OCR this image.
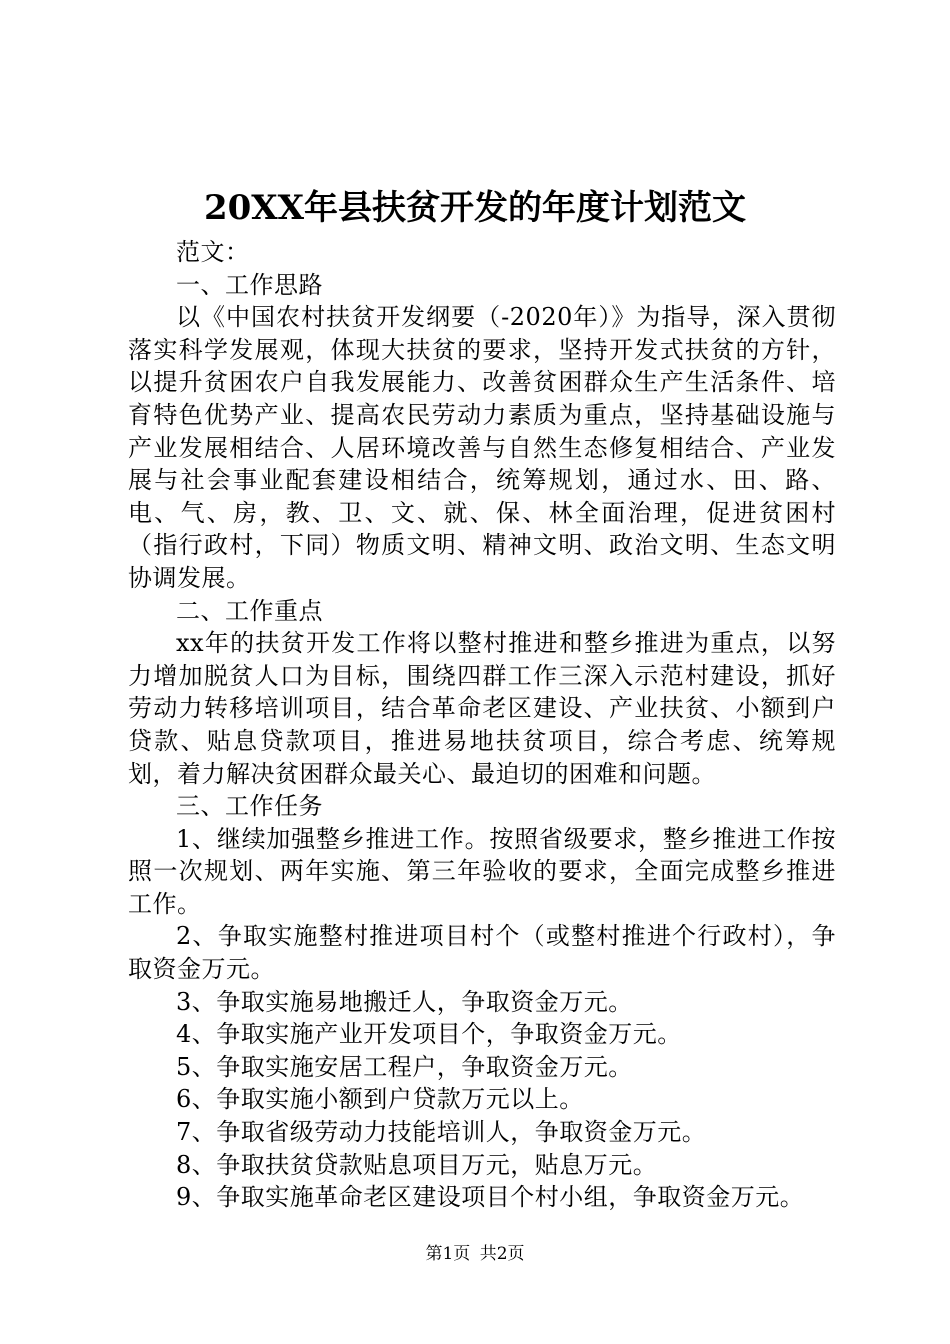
20XX年县扶贫开发的年度计划范文

范文：

一、工作思路

以《中国农村扶贫开发纲要（-2020年）》为指导，深入贯彻落实科学发展观，体现大扶贫的要求，坚持开发式扶贫的方针，以提升贫困农户自我发展能力、改善贫困群众生产生活条件、培育特色优势产业、提高农民劳动力素质为重点，坚持基础设施与产业发展相结合、人居环境改善与自然生态修复相结合、产业发展与社会事业配套建设相结合，统筹规划，通过水、田、路、电、气、房，教、卫、文、就、保、林全面治理，促进贫困村（指行政村，下同）物质文明、精神文明、政治文明、生态文明协调发展。

二、工作重点

xx年的扶贫开发工作将以整村推进和整乡推进为重点，以努力增加脱贫人口为目标，围绕四群工作三深入示范村建设，抓好劳动力转移培训项目，结合革命老区建设、产业扶贫、小额到户贷款、贴息贷款项目，推进易地扶贫项目，综合考虑、统筹规划，着力解决贫困群众最关心、最迫切的困难和问题。

三、工作任务

1、继续加强整乡推进工作。按照省级要求，整乡推进工作按照一次规划、两年实施、第三年验收的要求，全面完成整乡推进工作。

2、争取实施整村推进项目村个（或整村推进个行政村），争取资金万元。

3、争取实施易地搬迁人，争取资金万元。

4、争取实施产业开发项目个，争取资金万元。

5、争取实施安居工程户，争取资金万元。

6、争取实施小额到户贷款万元以上。

7、争取省级劳动力技能培训人，争取资金万元。

8、争取扶贫贷款贴息项目万元，贴息万元。

9、争取实施革命老区建设项目个村小组，争取资金万元。

第1页 共2页
